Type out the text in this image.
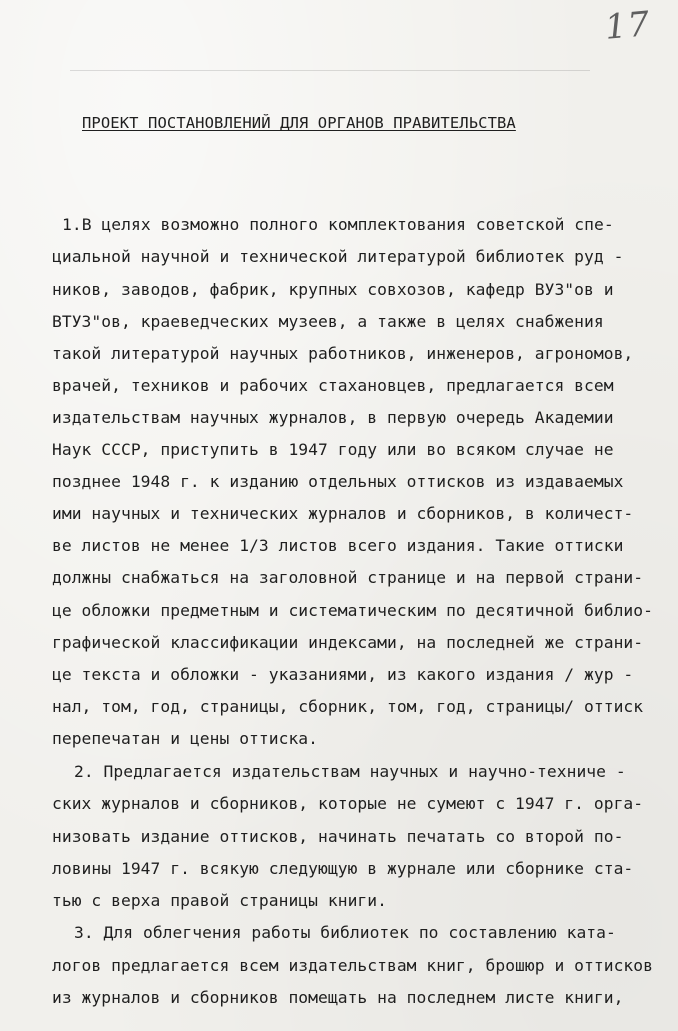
17
ПРОЕКТ ПОСТАНОВЛЕНИЙ ДЛЯ ОРГАНОВ ПРАВИТЕЛЬСТВА
1.В целях возможно полного комплектования советской спе-
циальной научной и технической литературой библиотек руд -
ников, заводов, фабрик, крупных совхозов, кафедр ВУЗ"ов и
ВТУЗ"ов, краеведческих музеев, а также в целях снабжения
такой литературой научных работников, инженеров, агрономов,
врачей, техников и рабочих стахановцев, предлагается всем
издательствам научных журналов, в первую очередь Академии
Наук СССР, приступить в 1947 году или во всяком случае не
позднее 1948 г. к изданию отдельных оттисков из издаваемых
ими научных и технических журналов и сборников, в количест-
ве листов не менее 1/3 листов всего издания. Такие оттиски
должны снабжаться на заголовной странице и на первой страни-
це обложки предметным и систематическим по десятичной библио-
графической классификации индексами, на последней же страни-
це текста и обложки - указаниями, из какого издания / жур -
нал, том, год, страницы, сборник, том, год, страницы/ оттиск
перепечатан и цены оттиска.
2. Предлагается издательствам научных и научно-техниче -
ских журналов и сборников, которые не сумеют с 1947 г. орга-
низовать издание оттисков, начинать печатать со второй по-
ловины 1947 г. всякую следующую в журнале или сборнике ста-
тью с верха правой страницы книги.
3. Для облегчения работы библиотек по составлению ката-
логов предлагается всем издательствам книг, брошюр и оттисков
из журналов и сборников помещать на последнем листе книги,
